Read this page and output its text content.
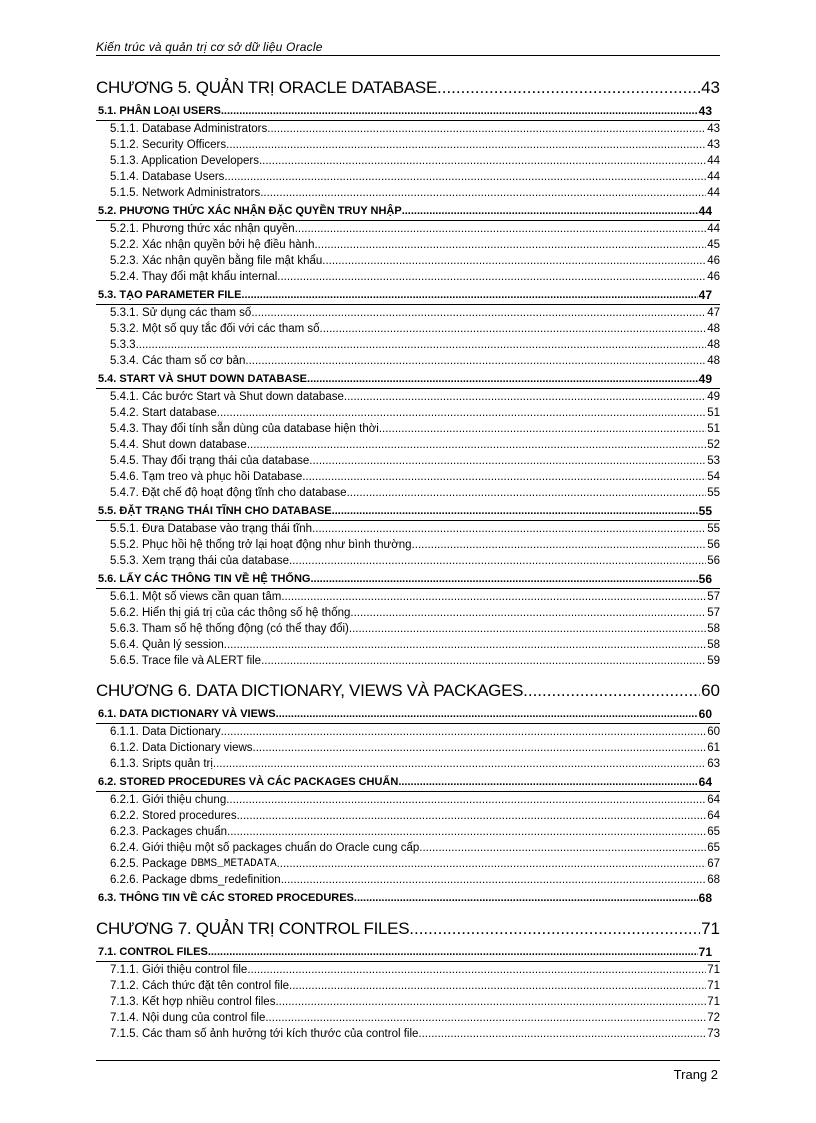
Kiến trúc và quản trị cơ sở dữ liệu Oracle
CHƯƠNG 5. QUẢN TRỊ ORACLE DATABASE .....	43
5.1. PHÂN LOẠI USERS .....	43
5.1.1. Database Administrators .....	43
5.1.2. Security Officers .....	43
5.1.3. Application Developers .....	44
5.1.4. Database Users .....	44
5.1.5. Network Administrators .....	44
5.2. PHƯƠNG THỨC XÁC NHẬN ĐẶC QUYỀN TRUY NHẬP .....	44
5.2.1. Phương thức xác nhận quyền .....	44
5.2.2. Xác nhận quyền bởi hệ điều hành .....	45
5.2.3. Xác nhận quyền bằng file mật khẩu .....	46
5.2.4. Thay đổi mật khẩu internal .....	46
5.3. TẠO PARAMETER FILE .....	47
5.3.1. Sử dụng các tham số .....	47
5.3.2. Một số quy tắc đối với các tham số .....	48
5.3.3. .....	48
5.3.4. Các tham số cơ bản .....	48
5.4. START VÀ SHUT DOWN DATABASE .....	49
5.4.1. Các bước Start và Shut down database .....	49
5.4.2. Start database .....	51
5.4.3. Thay đổi tính sẵn dùng của database hiện thời .....	51
5.4.4. Shut down database .....	52
5.4.5. Thay đổi trạng thái của database .....	53
5.4.6. Tạm treo và phục hồi Database .....	54
5.4.7. Đặt chế độ hoạt động tĩnh cho database .....	55
5.5. ĐẶT TRẠNG THÁI TĨNH CHO DATABASE .....	55
5.5.1. Đưa Database vào trạng thái tĩnh .....	55
5.5.2. Phục hồi hệ thống trở lại hoạt động như bình thường .....	56
5.5.3. Xem trạng thái của database .....	56
5.6. LẤY CÁC THÔNG TIN VỀ HỆ THỐNG .....	56
5.6.1. Một số views cần quan tâm .....	57
5.6.2. Hiển thị giá trị của các thông số hệ thống .....	57
5.6.3. Tham số hệ thống động (có thể thay đổi) .....	58
5.6.4. Quản lý session .....	58
5.6.5. Trace file và ALERT file .....	59
CHƯƠNG 6. DATA DICTIONARY, VIEWS VÀ PACKAGES .....	60
6.1. DATA DICTIONARY VÀ VIEWS .....	60
6.1.1. Data Dictionary .....	60
6.1.2. Data Dictionary views .....	61
6.1.3. Sripts quản trị .....	63
6.2. STORED PROCEDURES VÀ CÁC PACKAGES CHUẨN .....	64
6.2.1. Giới thiệu chung .....	64
6.2.2. Stored procedures .....	64
6.2.3. Packages chuẩn .....	65
6.2.4. Giới thiệu một số packages chuẩn do Oracle cung cấp .....	65
6.2.5. Package DBMS_METADATA .....	67
6.2.6. Package dbms_redefinition .....	68
6.3. THÔNG TIN VỀ CÁC STORED PROCEDURES .....	68
CHƯƠNG 7. QUẢN TRỊ CONTROL FILES .....	71
7.1. CONTROL FILES .....	71
7.1.1. Giới thiệu control file .....	71
7.1.2. Cách thức đặt tên control file .....	71
7.1.3. Kết hợp nhiều control files .....	71
7.1.4. Nội dung của control file .....	72
7.1.5. Các tham số ảnh hưởng tới kích thước của control file .....	73
Trang 2
